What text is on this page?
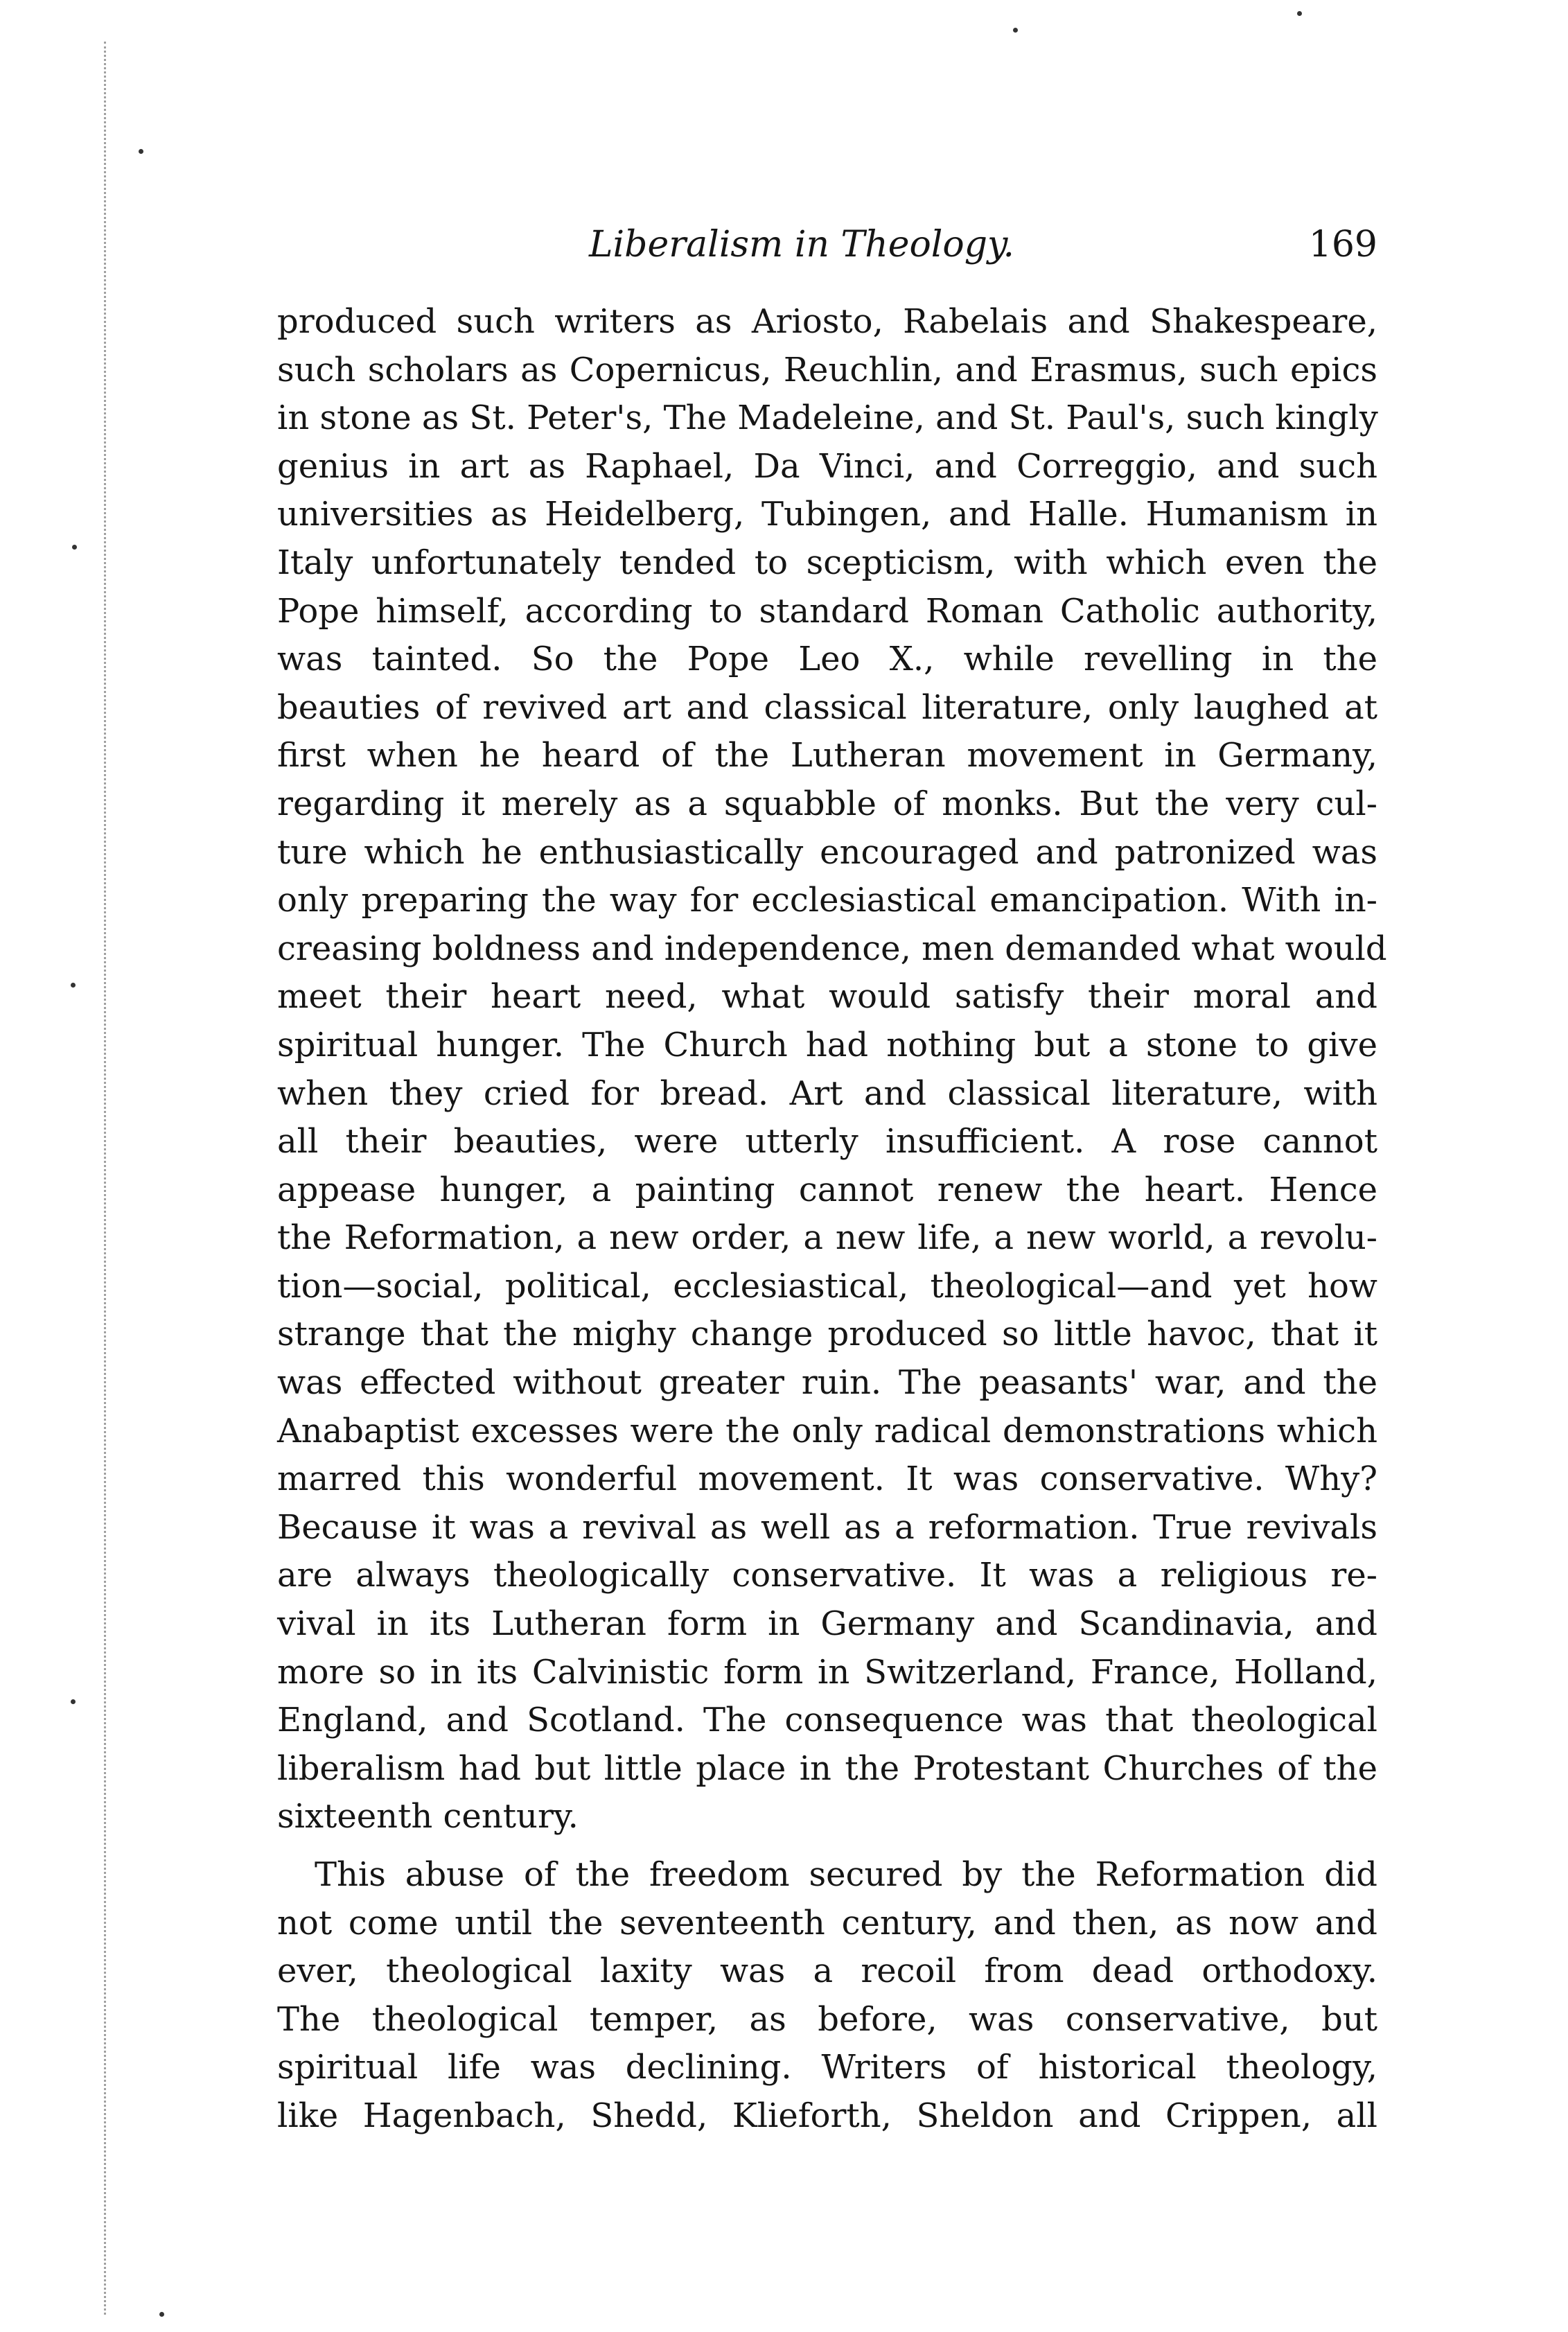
Liberalism in Theology.	169
produced such writers as Ariosto, Rabelais and Shakespeare,
such scholars as Copernicus, Reuchlin, and Erasmus, such epics
in stone as St. Peter's, The Madeleine, and St. Paul's, such kingly
genius in art as Raphael, Da Vinci, and Correggio, and such
universities as Heidelberg, Tubingen, and Halle. Humanism in
Italy unfortunately tended to scepticism, with which even the
Pope himself, according to standard Roman Catholic authority,
was tainted. So the Pope Leo X., while revelling in the
beauties of revived art and classical literature, only laughed at
first when he heard of the Lutheran movement in Germany,
regarding it merely as a squabble of monks. But the very cul-
ture which he enthusiastically encouraged and patronized was
only preparing the way for ecclesiastical emancipation. With in-
creasing boldness and independence, men demanded what would
meet their heart need, what would satisfy their moral and
spiritual hunger. The Church had nothing but a stone to give
when they cried for bread. Art and classical literature, with
all their beauties, were utterly insufficient. A rose cannot
appease hunger, a painting cannot renew the heart. Hence
the Reformation, a new order, a new life, a new world, a revolu-
tion—social, political, ecclesiastical, theological—and yet how
strange that the mighy change produced so little havoc, that it
was effected without greater ruin. The peasants' war, and the
Anabaptist excesses were the only radical demonstrations which
marred this wonderful movement. It was conservative. Why?
Because it was a revival as well as a reformation. True revivals
are always theologically conservative. It was a religious re-
vival in its Lutheran form in Germany and Scandinavia, and
more so in its Calvinistic form in Switzerland, France, Holland,
England, and Scotland. The consequence was that theological
liberalism had but little place in the Protestant Churches of the
sixteenth century.
This abuse of the freedom secured by the Reformation did
not come until the seventeenth century, and then, as now and
ever, theological laxity was a recoil from dead orthodoxy.
The theological temper, as before, was conservative, but
spiritual life was declining. Writers of historical theology,
like Hagenbach, Shedd, Klieforth, Sheldon and Crippen, all
